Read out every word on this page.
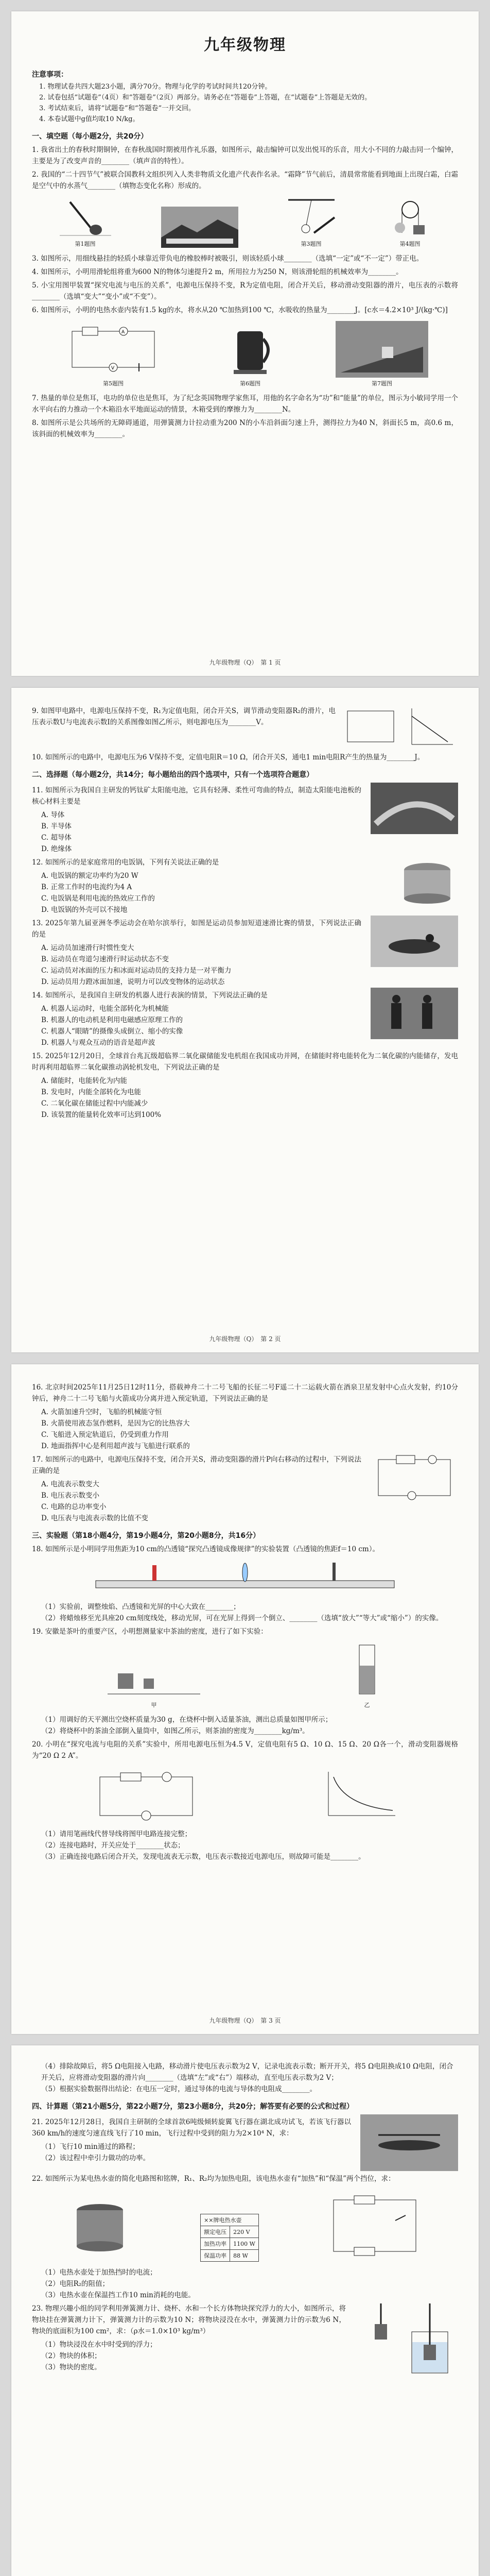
九年级物理
注意事项：
1. 物理试卷共四大题23小题，满分70分。物理与化学的考试时间共120分钟。
2. 试卷包括“试题卷”（4页）和“答题卷”（2页）两部分。请务必在“答题卷”上答题，在“试题卷”上答题是无效的。
3. 考试结束后，请将“试题卷”和“答题卷”一并交回。
4. 本卷试题中g值均取10 N/kg。
一、填空题（每小题2分，共20分）
1. 我省出土的春秋时期铜钟，在春秋战国时期被用作礼乐器，如图所示，敲击编钟可以发出悦耳的乐音，用大小不同的力敲击同一个编钟，主要是为了改变声音的________（填声音的特性）。
2. 我国的“二十四节气”被联合国教科文组织列入人类非物质文化遗产代表作名录。“霜降”节气前后，清晨常常能看到地面上出现白霜，白霜是空气中的水蒸气________（填物态变化名称）形成的。
第1题图	第3题图	第4题图
3. 如图所示，用细线悬挂的轻质小球靠近带负电的橡胶棒时被吸引，则该轻质小球________（选填“一定”或“不一定”）带正电。
4. 如图所示，小明用滑轮组将重为600 N的物体匀速提升2 m，所用拉力为250 N，则该滑轮组的机械效率为________。
5. 小宝用图甲装置“探究电流与电压的关系”，电源电压保持不变，R为定值电阻，闭合开关后，移动滑动变阻器的滑片，电压表的示数将________（选填“变大”“变小”或“不变”）。
6. 如图所示，小明的电热水壶内装有1.5 kg的水，将水从20 ℃加热到100 ℃，水吸收的热量为________J。[c水＝4.2×10³ J/(kg·℃)]
A
V
第5题图	第6题图	第7题图
7. 热量的单位是焦耳，电功的单位也是焦耳，为了纪念英国物理学家焦耳，用他的名字命名为“功”和“能量”的单位，图示为小敏同学用一个水平向右的力推动一个木箱沿水平地面运动的情景，木箱受到的摩擦力为________N。
8. 如图所示是公共场所的无障碍通道，用弹簧测力计拉动重为200 N的小车沿斜面匀速上升，测得拉力为40 N，斜面长5 m，高0.6 m，该斜面的机械效率为________。
九年级物理（Q）　第 1 页
9. 如图甲电路中，电源电压保持不变，R₁为定值电阻，闭合开关S，调节滑动变阻器R₂的滑片，电压表示数U与电流表示数I的关系图像如图乙所示，则电源电压为________V。
10. 如图所示的电路中，电源电压为6 V保持不变，定值电阻R＝10 Ω，闭合开关S，通电1 min电阻R产生的热量为________J。
二、选择题（每小题2分，共14分；每小题给出的四个选项中，只有一个选项符合题意）
11. 如图所示为我国自主研发的钙钛矿太阳能电池，它具有轻薄、柔性可弯曲的特点，制造太阳能电池板的核心材料主要是
A. 导体
B. 半导体
C. 超导体
D. 绝缘体
12. 如图所示的是家庭常用的电饭锅，下列有关说法正确的是
A. 电饭锅的额定功率约为20 W
B. 正常工作时的电流约为4 A
C. 电饭锅是利用电流的热效应工作的
D. 电饭锅的外壳可以不接地
13. 2025年第九届亚洲冬季运动会在哈尔滨举行，如图是运动员参加短道速滑比赛的情景，下列说法正确的是
A. 运动员加速滑行时惯性变大
B. 运动员在弯道匀速滑行时运动状态不变
C. 运动员对冰面的压力和冰面对运动员的支持力是一对平衡力
D. 运动员用力蹬冰面加速，说明力可以改变物体的运动状态
14. 如图所示，是我国自主研发的机器人进行表演的情景，下列说法正确的是
A. 机器人运动时，电能全部转化为机械能
B. 机器人的电动机是利用电磁感应原理工作的
C. 机器人“眼睛”的摄像头成倒立、缩小的实像
D. 机器人与观众互动的语音是超声波
15. 2025年12月20日，全球首台兆瓦级超临界二氧化碳储能发电机组在我国成功并网，在储能时将电能转化为二氧化碳的内能储存，发电时再利用超临界二氧化碳推动涡轮机发电，下列说法正确的是
A. 储能时，电能转化为内能
B. 发电时，内能全部转化为电能
C. 二氧化碳在储能过程中内能减少
D. 该装置的能量转化效率可达到100%
九年级物理（Q）　第 2 页
16. 北京时间2025年11月25日12时11分，搭载神舟二十二号飞船的长征二号F遥二十二运载火箭在酒泉卫星发射中心点火发射，约10分钟后，神舟二十二号飞船与火箭成功分离并进入预定轨道，下列说法正确的是
A. 火箭加速升空时，飞船的机械能守恒
B. 火箭使用液态氢作燃料，是因为它的比热容大
C. 飞船进入预定轨道后，仍受到重力作用
D. 地面指挥中心是利用超声波与飞船进行联系的
17. 如图所示的电路中，电源电压保持不变，闭合开关S，滑动变阻器的滑片P向右移动的过程中，下列说法正确的是
A. 电流表示数变大
B. 电压表示数变小
C. 电路的总功率变小
D. 电压表与电流表示数的比值不变
三、实验题（第18小题4分，第19小题4分，第20小题8分，共16分）
18. 如图所示是小明同学用焦距为10 cm的凸透镜“探究凸透镜成像规律”的实验装置（凸透镜的焦距f＝10 cm）。
（1）实验前，调整烛焰、凸透镜和光屏的中心大致在________；
（2）将蜡烛移至光具座20 cm刻度线处，移动光屏，可在光屏上得到一个倒立、________（选填“放大”“等大”或“缩小”）的实像。
19. 安徽是茶叶的重要产区，小明想测量家中茶油的密度，进行了如下实验：
甲	乙
（1）用调好的天平测出空烧杯质量为30 g，在烧杯中倒入适量茶油，测出总质量如图甲所示；
（2）将烧杯中的茶油全部倒入量筒中，如图乙所示，则茶油的密度为________kg/m³。
20. 小明在“探究电流与电阻的关系”实验中，所用电源电压恒为4.5 V，定值电阻有5 Ω、10 Ω、15 Ω、20 Ω各一个，滑动变阻器规格为“20 Ω 2 A”。
（1）请用笔画线代替导线将图甲电路连接完整；
（2）连接电路时，开关应处于________状态；
（3）正确连接电路后闭合开关，发现电流表无示数，电压表示数接近电源电压，则故障可能是________。
九年级物理（Q）　第 3 页
（4）排除故障后，将5 Ω电阻接入电路，移动滑片使电压表示数为2 V，记录电流表示数；断开开关，将5 Ω电阻换成10 Ω电阻，闭合开关后，应将滑动变阻器的滑片向________（选填“左”或“右”）端移动，直至电压表示数为2 V；
（5）根据实验数据得出结论：在电压一定时，通过导体的电流与导体的电阻成________。
四、计算题（第21小题5分，第22小题7分，第23小题8分，共20分；解答要有必要的公式和过程）
21. 2025年12月28日，我国自主研制的全球首款6吨级倾转旋翼飞行器在湖北成功试飞，若该飞行器以360 km/h的速度匀速直线飞行了10 min，飞行过程中受到的阻力为2×10⁴ N，求：
（1）飞行10 min通过的路程；
（2）该过程中牵引力做功的功率。
22. 如图所示为某电热水壶的简化电路图和铭牌，R₁、R₂均为加热电阻，该电热水壶有“加热”和“保温”两个挡位，求：
××牌电热水壶	
额定电压	220 V
加热功率	1100 W
保温功率	88 W
（1）电热水壶处于加热挡时的电流；
（2）电阻R₂的阻值；
（3）电热水壶在保温挡工作10 min消耗的电能。
23. 物理兴趣小组的同学利用弹簧测力计、烧杯、水和一个长方体物块探究浮力的大小，如图所示，将物块挂在弹簧测力计下，弹簧测力计的示数为10 N；将物块浸没在水中，弹簧测力计的示数为6 N，物块的底面积为100 cm²，求：（ρ水＝1.0×10³ kg/m³）
（1）物块浸没在水中时受到的浮力；
（2）物块的体积；
（3）物块的密度。
